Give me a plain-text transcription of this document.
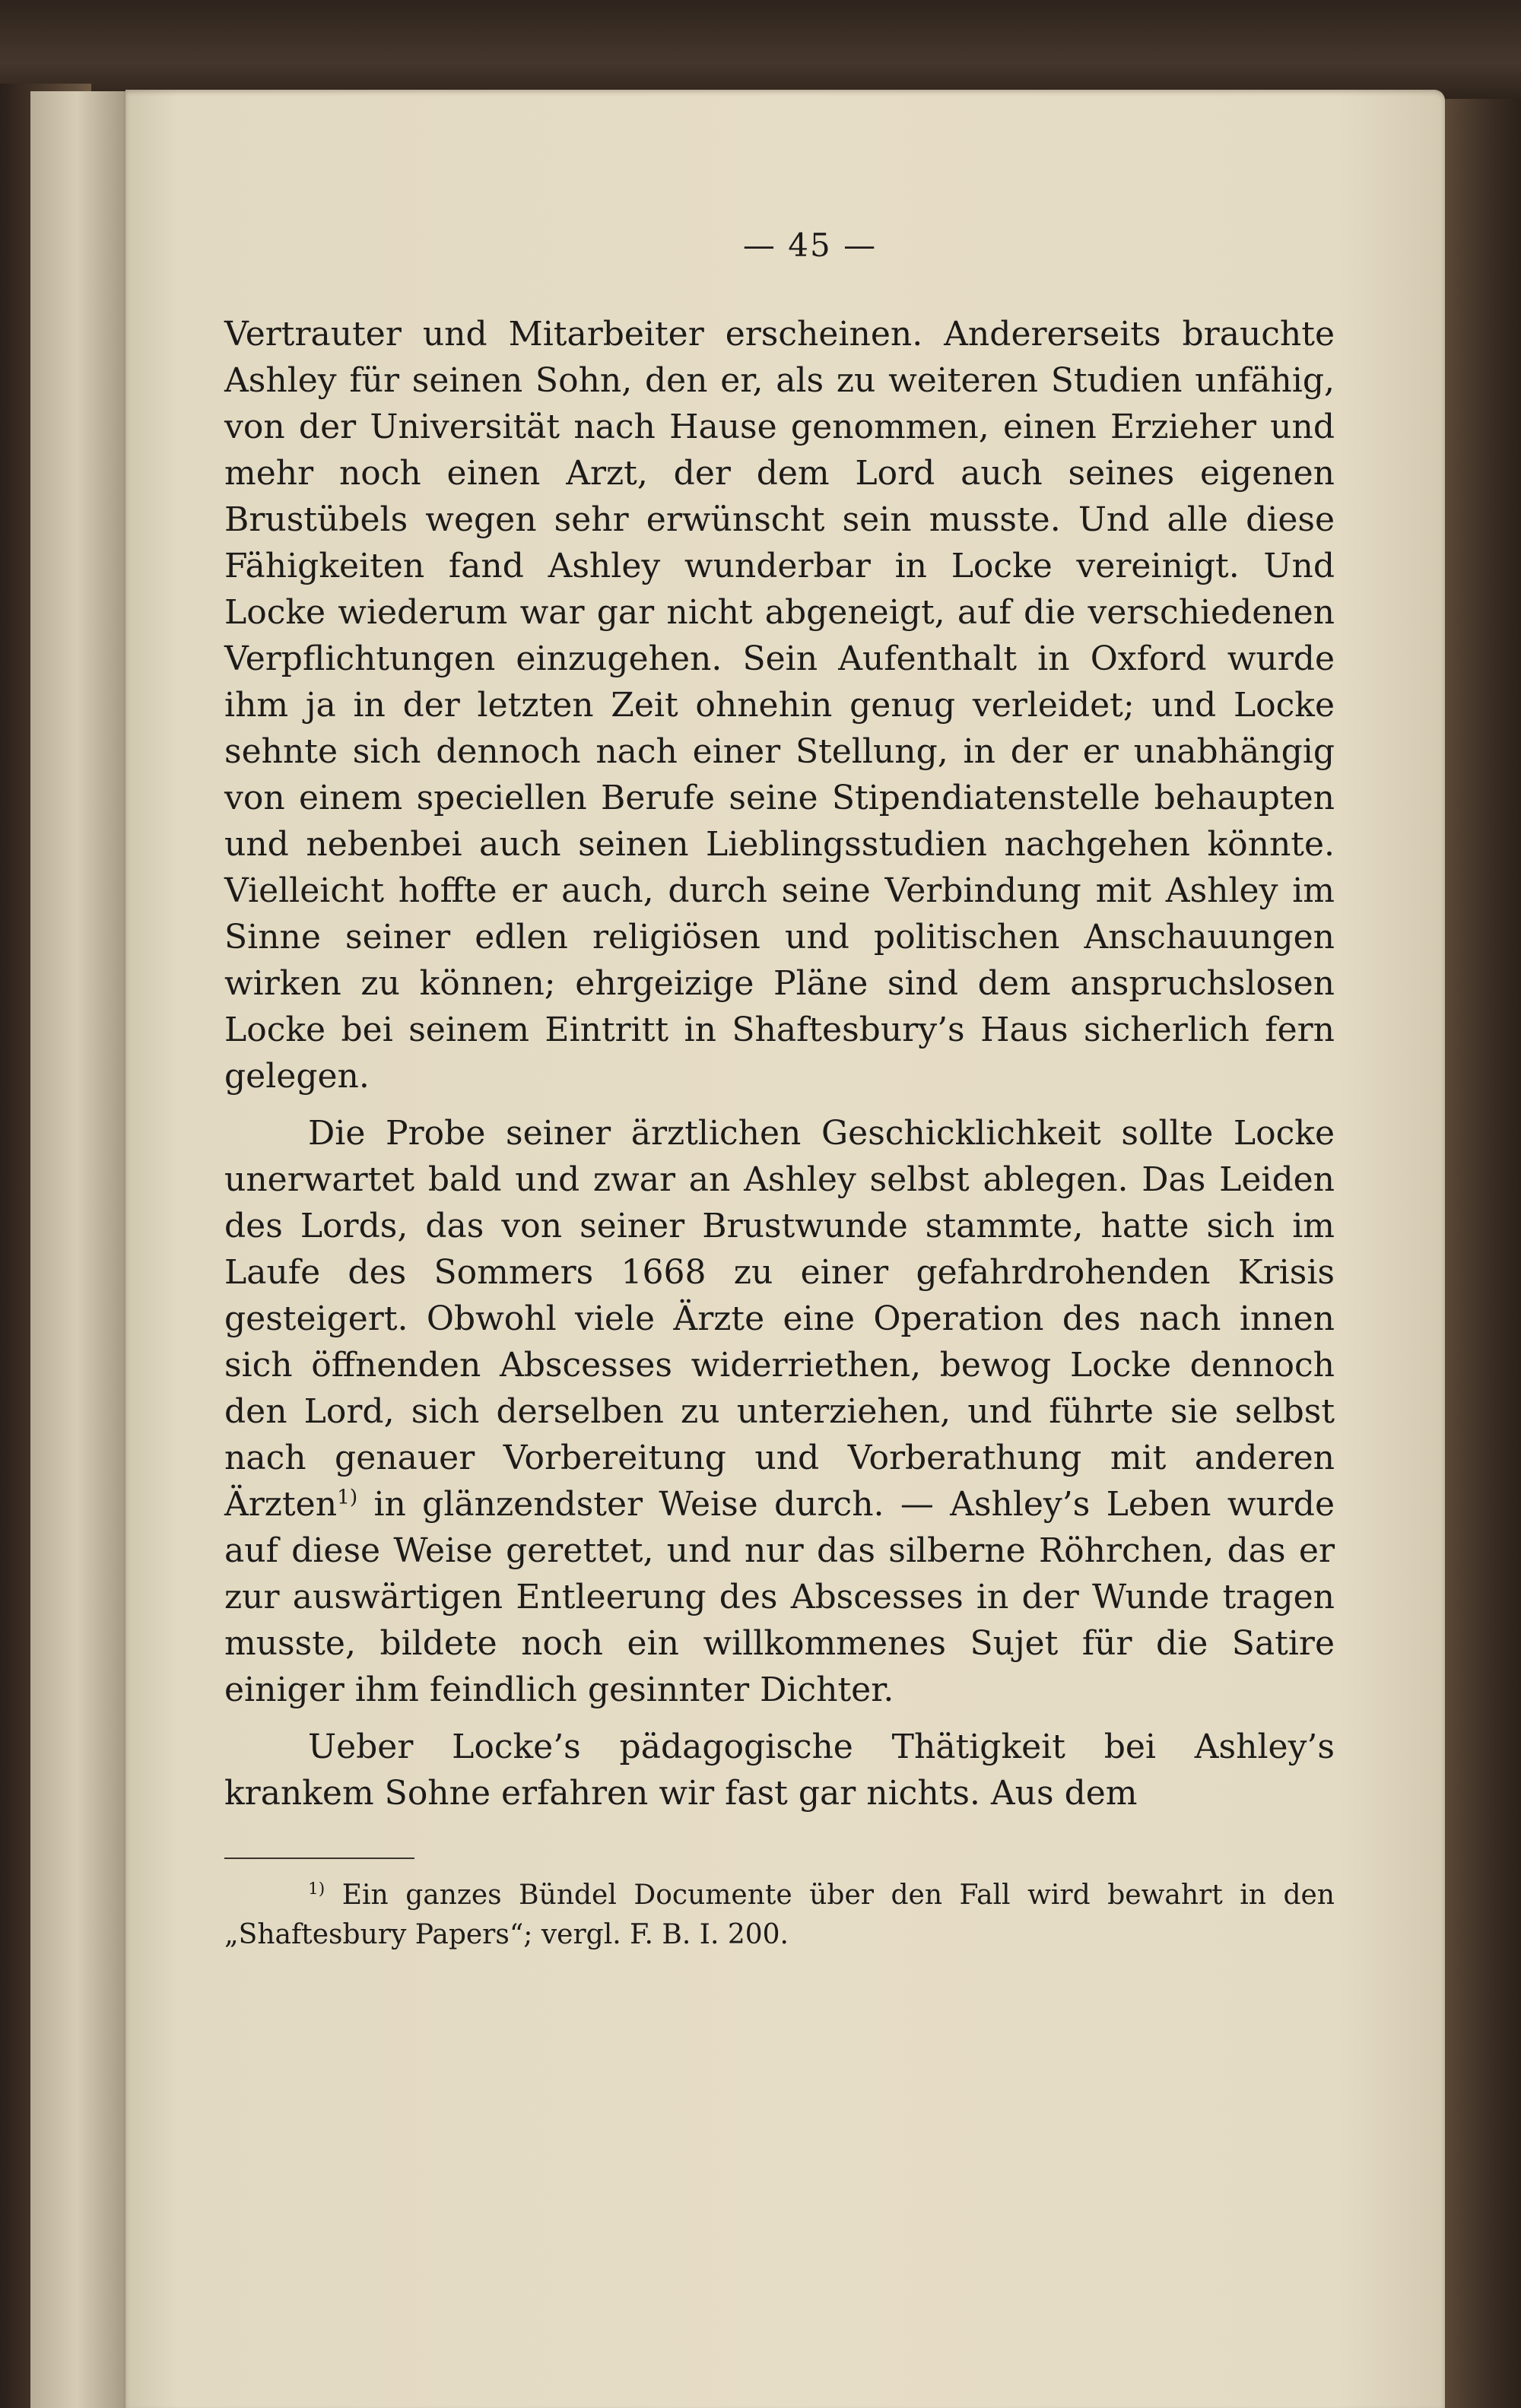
— 45 —

Vertrauter und Mitarbeiter erscheinen. Andererseits brauchte Ashley für seinen Sohn, den er, als zu weiteren Studien unfähig, von der Universität nach Hause genommen, einen Erzieher und mehr noch einen Arzt, der dem Lord auch seines eigenen Brustübels wegen sehr erwünscht sein musste. Und alle diese Fähigkeiten fand Ashley wunderbar in Locke vereinigt. Und Locke wiederum war gar nicht abgeneigt, auf die verschiedenen Verpflichtungen einzugehen. Sein Aufenthalt in Oxford wurde ihm ja in der letzten Zeit ohnehin genug verleidet; und Locke sehnte sich dennoch nach einer Stellung, in der er unabhängig von einem speciellen Berufe seine Stipendiatenstelle behaupten und nebenbei auch seinen Lieblingsstudien nachgehen könnte. Vielleicht hoffte er auch, durch seine Verbindung mit Ashley im Sinne seiner edlen religiösen und politischen Anschauungen wirken zu können; ehrgeizige Pläne sind dem anspruchslosen Locke bei seinem Eintritt in Shaftesbury’s Haus sicherlich fern gelegen.

Die Probe seiner ärztlichen Geschicklichkeit sollte Locke unerwartet bald und zwar an Ashley selbst ablegen. Das Leiden des Lords, das von seiner Brustwunde stammte, hatte sich im Laufe des Sommers 1668 zu einer gefahrdrohenden Krisis gesteigert. Obwohl viele Ärzte eine Operation des nach innen sich öffnenden Abscesses widerriethen, bewog Locke dennoch den Lord, sich derselben zu unterziehen, und führte sie selbst nach genauer Vorbereitung und Vorberathung mit anderen Ärzten$^{1)}$ in glänzendster Weise durch. — Ashley’s Leben wurde auf diese Weise gerettet, und nur das silberne Röhrchen, das er zur auswärtigen Entleerung des Abscesses in der Wunde tragen musste, bildete noch ein willkommenes Sujet für die Satire einiger ihm feindlich gesinnter Dichter.

Ueber Locke’s pädagogische Thätigkeit bei Ashley’s krankem Sohne erfahren wir fast gar nichts. Aus dem

$^{1)}$ Ein ganzes Bündel Documente über den Fall wird bewahrt in den „Shaftesbury Papers“; vergl. F. B. I. 200.
